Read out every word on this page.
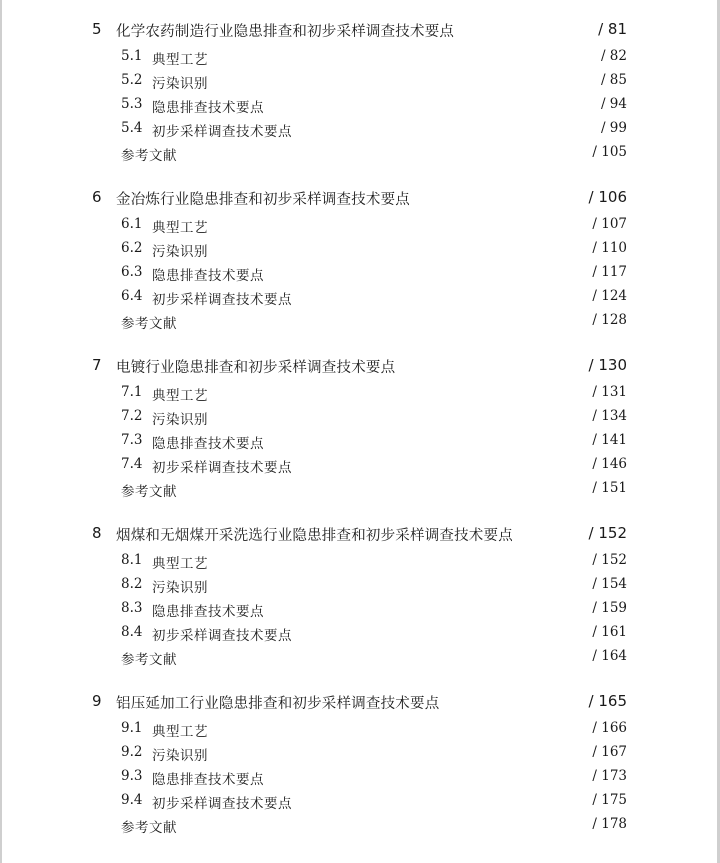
5 化学农药制造行业隐患排查和初步采样调查技术要点	/ 81
5.1 典型工艺	/ 82
5.2 污染识别	/ 85
5.3 隐患排查技术要点	/ 94
5.4 初步采样调查技术要点	/ 99
参考文献	/ 105
6 金冶炼行业隐患排查和初步采样调查技术要点	/ 106
6.1 典型工艺	/ 107
6.2 污染识别	/ 110
6.3 隐患排查技术要点	/ 117
6.4 初步采样调查技术要点	/ 124
参考文献	/ 128
7 电镀行业隐患排查和初步采样调查技术要点	/ 130
7.1 典型工艺	/ 131
7.2 污染识别	/ 134
7.3 隐患排查技术要点	/ 141
7.4 初步采样调查技术要点	/ 146
参考文献	/ 151
8 烟煤和无烟煤开采洗选行业隐患排查和初步采样调查技术要点	/ 152
8.1 典型工艺	/ 152
8.2 污染识别	/ 154
8.3 隐患排查技术要点	/ 159
8.4 初步采样调查技术要点	/ 161
参考文献	/ 164
9 铝压延加工行业隐患排查和初步采样调查技术要点	/ 165
9.1 典型工艺	/ 166
9.2 污染识别	/ 167
9.3 隐患排查技术要点	/ 173
9.4 初步采样调查技术要点	/ 175
参考文献	/ 178
